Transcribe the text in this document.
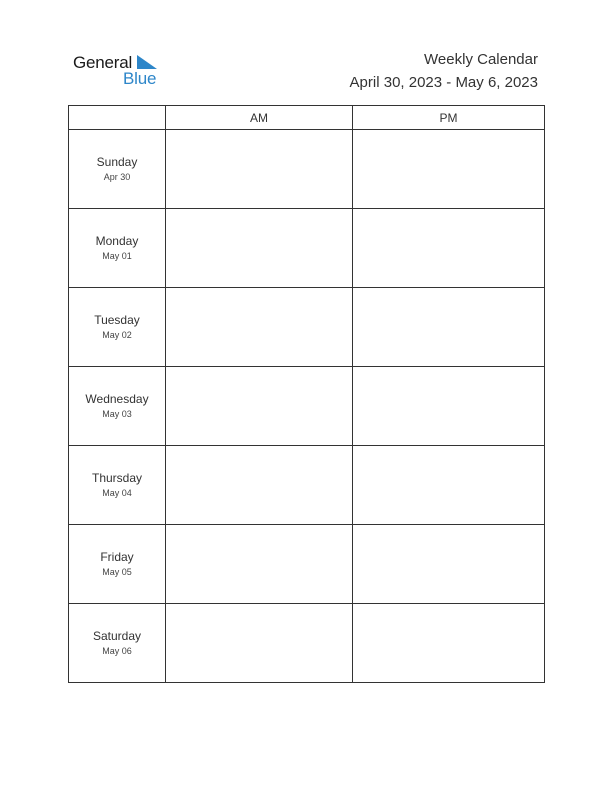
General
Blue
Weekly Calendar
April 30, 2023 - May 6, 2023
	AM	PM

Sunday
Apr 30		

Monday
May 01		

Tuesday
May 02		

Wednesday
May 03		

Thursday
May 04		

Friday
May 05		

Saturday
May 06		
